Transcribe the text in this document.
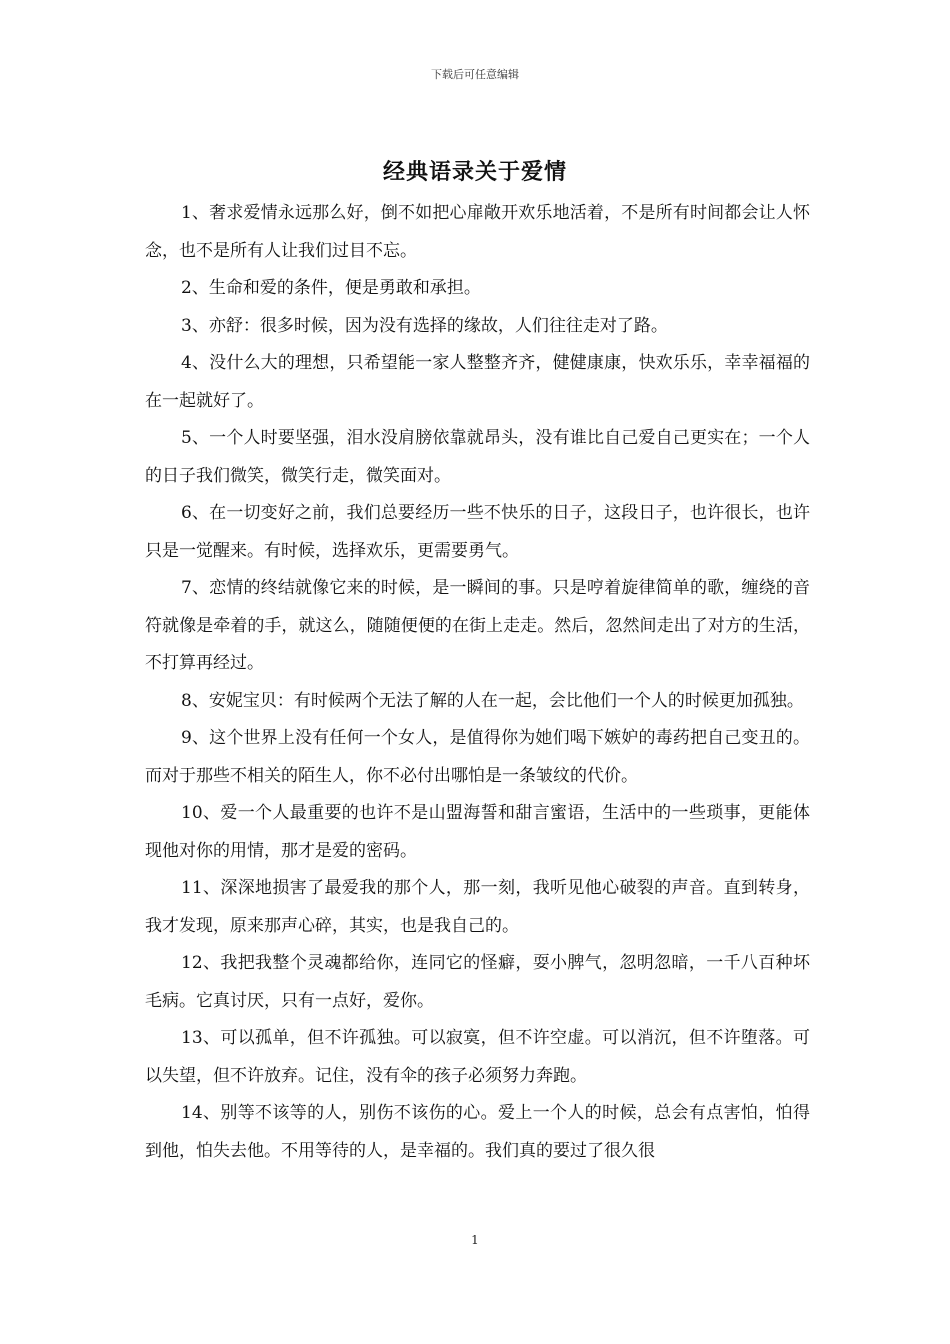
下载后可任意编辑
经典语录关于爱情

1、奢求爱情永远那么好，倒不如把心扉敞开欢乐地活着，不是所有时间都会让人怀念，也不是所有人让我们过目不忘。

2、生命和爱的条件，便是勇敢和承担。

3、亦舒：很多时候，因为没有选择的缘故，人们往往走对了路。

4、没什么大的理想，只希望能一家人整整齐齐，健健康康，快欢乐乐，幸幸福福的在一起就好了。

5、一个人时要坚强，泪水没肩膀依靠就昂头，没有谁比自己爱自己更实在；一个人的日子我们微笑，微笑行走，微笑面对。

6、在一切变好之前，我们总要经历一些不快乐的日子，这段日子，也许很长，也许只是一觉醒来。有时候，选择欢乐，更需要勇气。

7、恋情的终结就像它来的时候，是一瞬间的事。只是哼着旋律简单的歌，缠绕的音符就像是牵着的手，就这么，随随便便的在街上走走。然后，忽然间走出了对方的生活，不打算再经过。

8、安妮宝贝：有时候两个无法了解的人在一起，会比他们一个人的时候更加孤独。

9、这个世界上没有任何一个女人，是值得你为她们喝下嫉妒的毒药把自己变丑的。而对于那些不相关的陌生人，你不必付出哪怕是一条皱纹的代价。

10、爱一个人最重要的也许不是山盟海誓和甜言蜜语，生活中的一些琐事，更能体现他对你的用情，那才是爱的密码。

11、深深地损害了最爱我的那个人，那一刻，我听见他心破裂的声音。直到转身，我才发现，原来那声心碎，其实，也是我自己的。

12、我把我整个灵魂都给你，连同它的怪癖，耍小脾气，忽明忽暗，一千八百种坏毛病。它真讨厌，只有一点好，爱你。

13、可以孤单，但不许孤独。可以寂寞，但不许空虚。可以消沉，但不许堕落。可以失望，但不许放弃。记住，没有伞的孩子必须努力奔跑。

14、别等不该等的人，别伤不该伤的心。爱上一个人的时候，总会有点害怕，怕得到他，怕失去他。不用等待的人，是幸福的。我们真的要过了很久很

1
